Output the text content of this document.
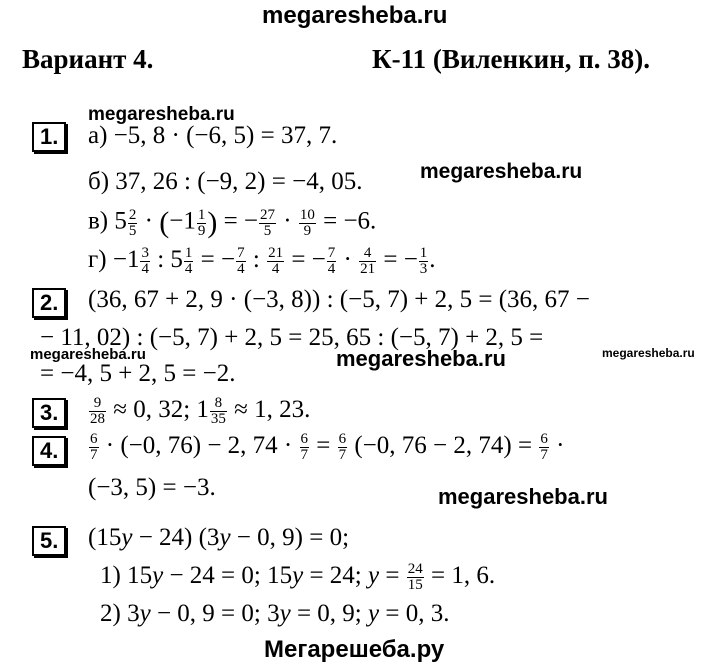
megaresheba.ru
megaresheba.ru
megaresheba.ru
megaresheba.ru	megaresheba.ru	megaresheba.ru
megaresheba.ru
Мегарешеба.ру
Вариант 4.	К-11 (Виленкин, п. 38).
1.	а) −5, 8 · (−6, 5) = 37, 7.
б) 37, 26 : (−9, 2) = −4, 05.
в) $5 \frac{2}{5} \cdot (-1 \frac{1}{9}$ ) = − $\frac{27}{5} \cdot \frac{10}{9} = -6$.
$г) -1 \frac{3}{4}$ : $5 \frac{1}{4}$ = − $\frac{7}{4}$ : $\frac{21}{4}$ = − $\frac{7}{4} \cdot \frac{4}{21}$ = − $\frac{1}{3}$ .
2.	(36, 67 + 2, 9 · (−3, 8)) : (−5, 7) + 2, 5 = (36, 67 −
− 11, 02) : (−5, 7) + 2, 5 = 25, 65 : (−5, 7) + 2, 5 =
= −4, 5 + 2, 5 = −2.
3.	$\frac{9}{28} \approx 0$, 32; $1 \frac{8}{35} \approx 1$, 23.
4.	$\frac{6}{7} \cdot (-0$, 76) − 2, $74 \cdot \frac{6}{7} = \frac{6}{7} (-0$, 76 − 2, $74) = \frac{6}{7}$ ·
(−3, 5) = −3.
5.	(15y − 24) (3y − 0, 9) = 0;
1) 15y − 24 = 0; 15y = 24; $y = \frac{24}{15} = 1$, 6.
2) 3y − 0, 9 = 0; 3y = 0, 9; y = 0, 3.
